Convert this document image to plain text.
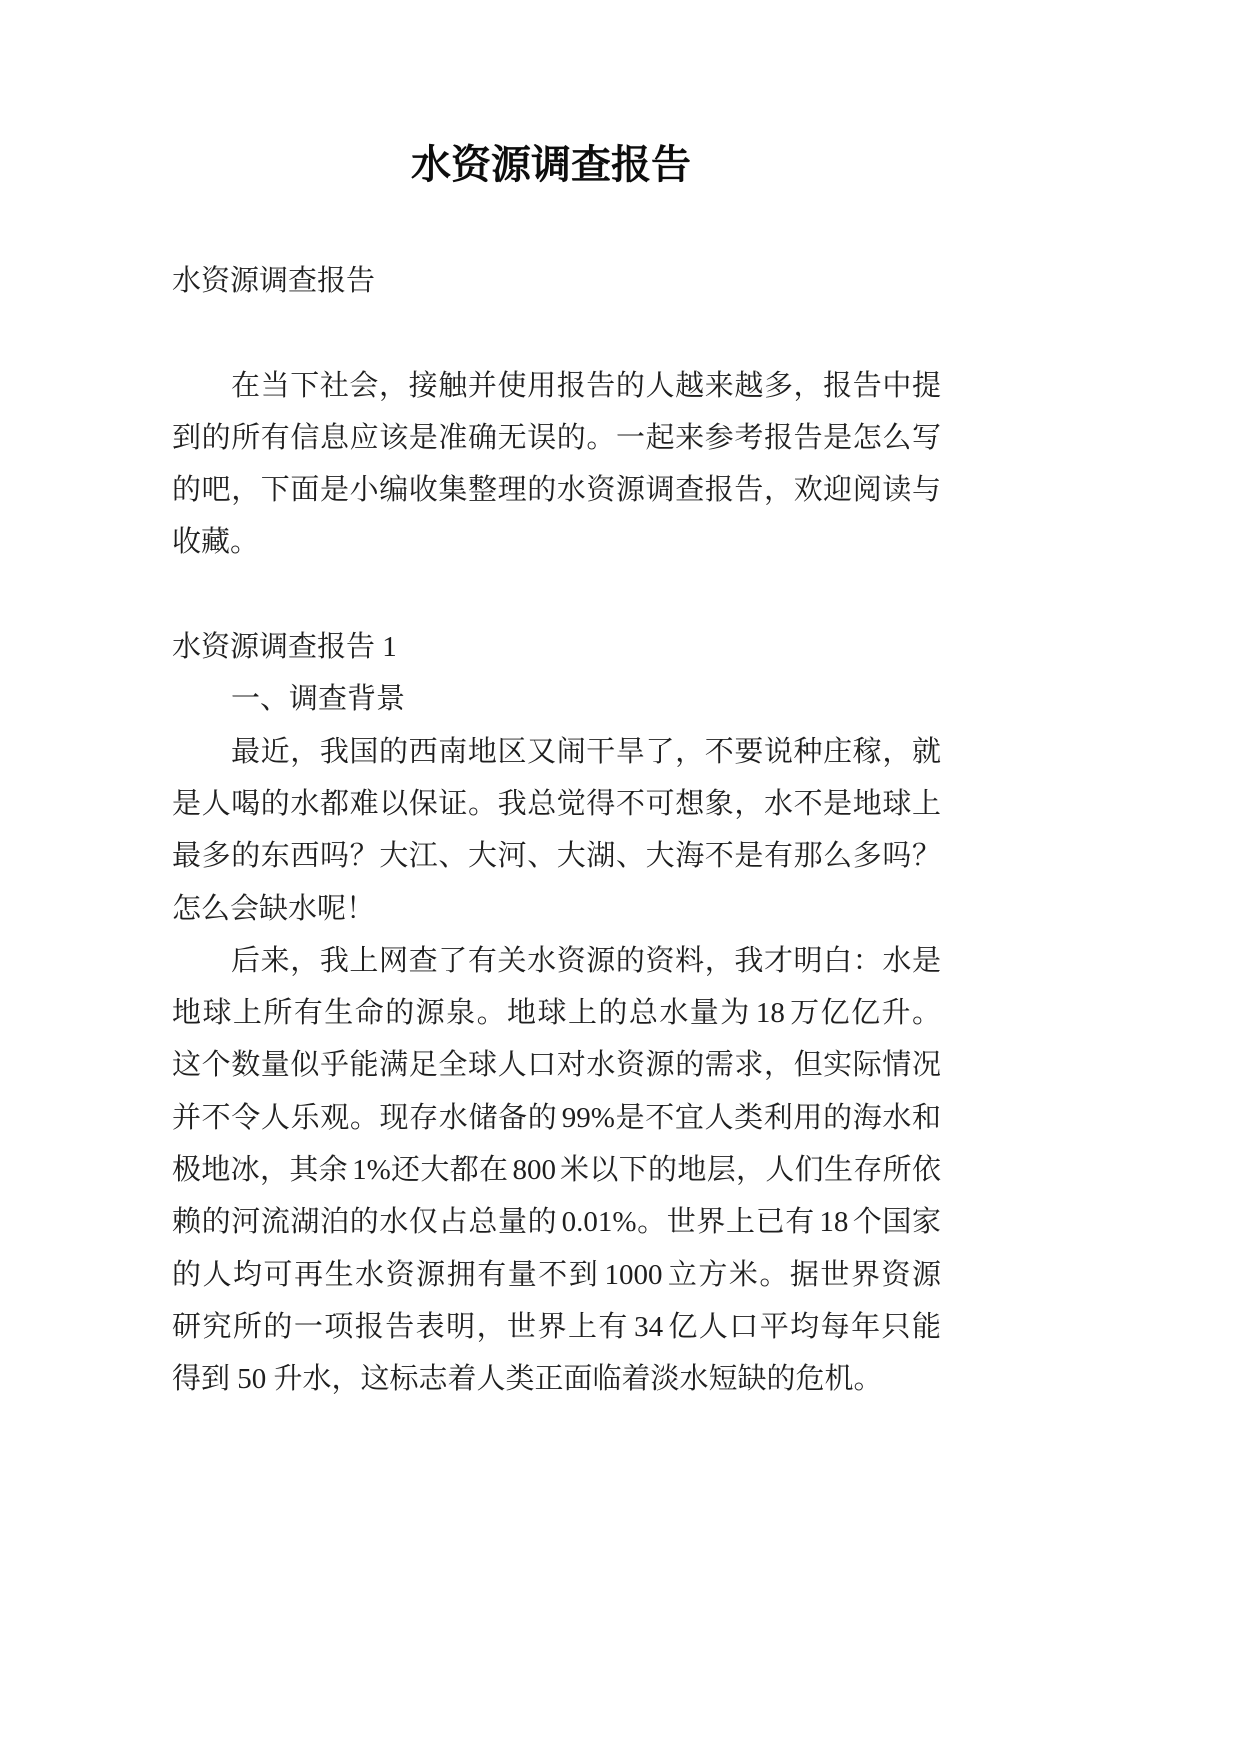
水资源调查报告
水资源调查报告
在当下社会，接触并使用报告的人越来越多，报告中提
到的所有信息应该是准确无误的。一起来参考报告是怎么写
的吧，下面是小编收集整理的水资源调查报告，欢迎阅读与
收藏。
水资源调查报告 1
一、调查背景
最近，我国的西南地区又闹干旱了，不要说种庄稼，就
是人喝的水都难以保证。我总觉得不可想象，水不是地球上
最多的东西吗？大江、大河、大湖、大海不是有那么多吗？
怎么会缺水呢！
后来，我上网查了有关水资源的资料，我才明白：水是
地球上所有生命的源泉。地球上的总水量为 18 万亿亿升。
这个数量似乎能满足全球人口对水资源的需求，但实际情况
并不令人乐观。现存水储备的 99%是不宜人类利用的海水和
极地冰，其余 1%还大都在 800 米以下的地层，人们生存所依
赖的河流湖泊的水仅占总量的 0.01%。世界上已有 18 个国家
的人均可再生水资源拥有量不到 1000 立方米。据世界资源
研究所的一项报告表明，世界上有 34 亿人口平均每年只能
得到 50 升水，这标志着人类正面临着淡水短缺的危机。
